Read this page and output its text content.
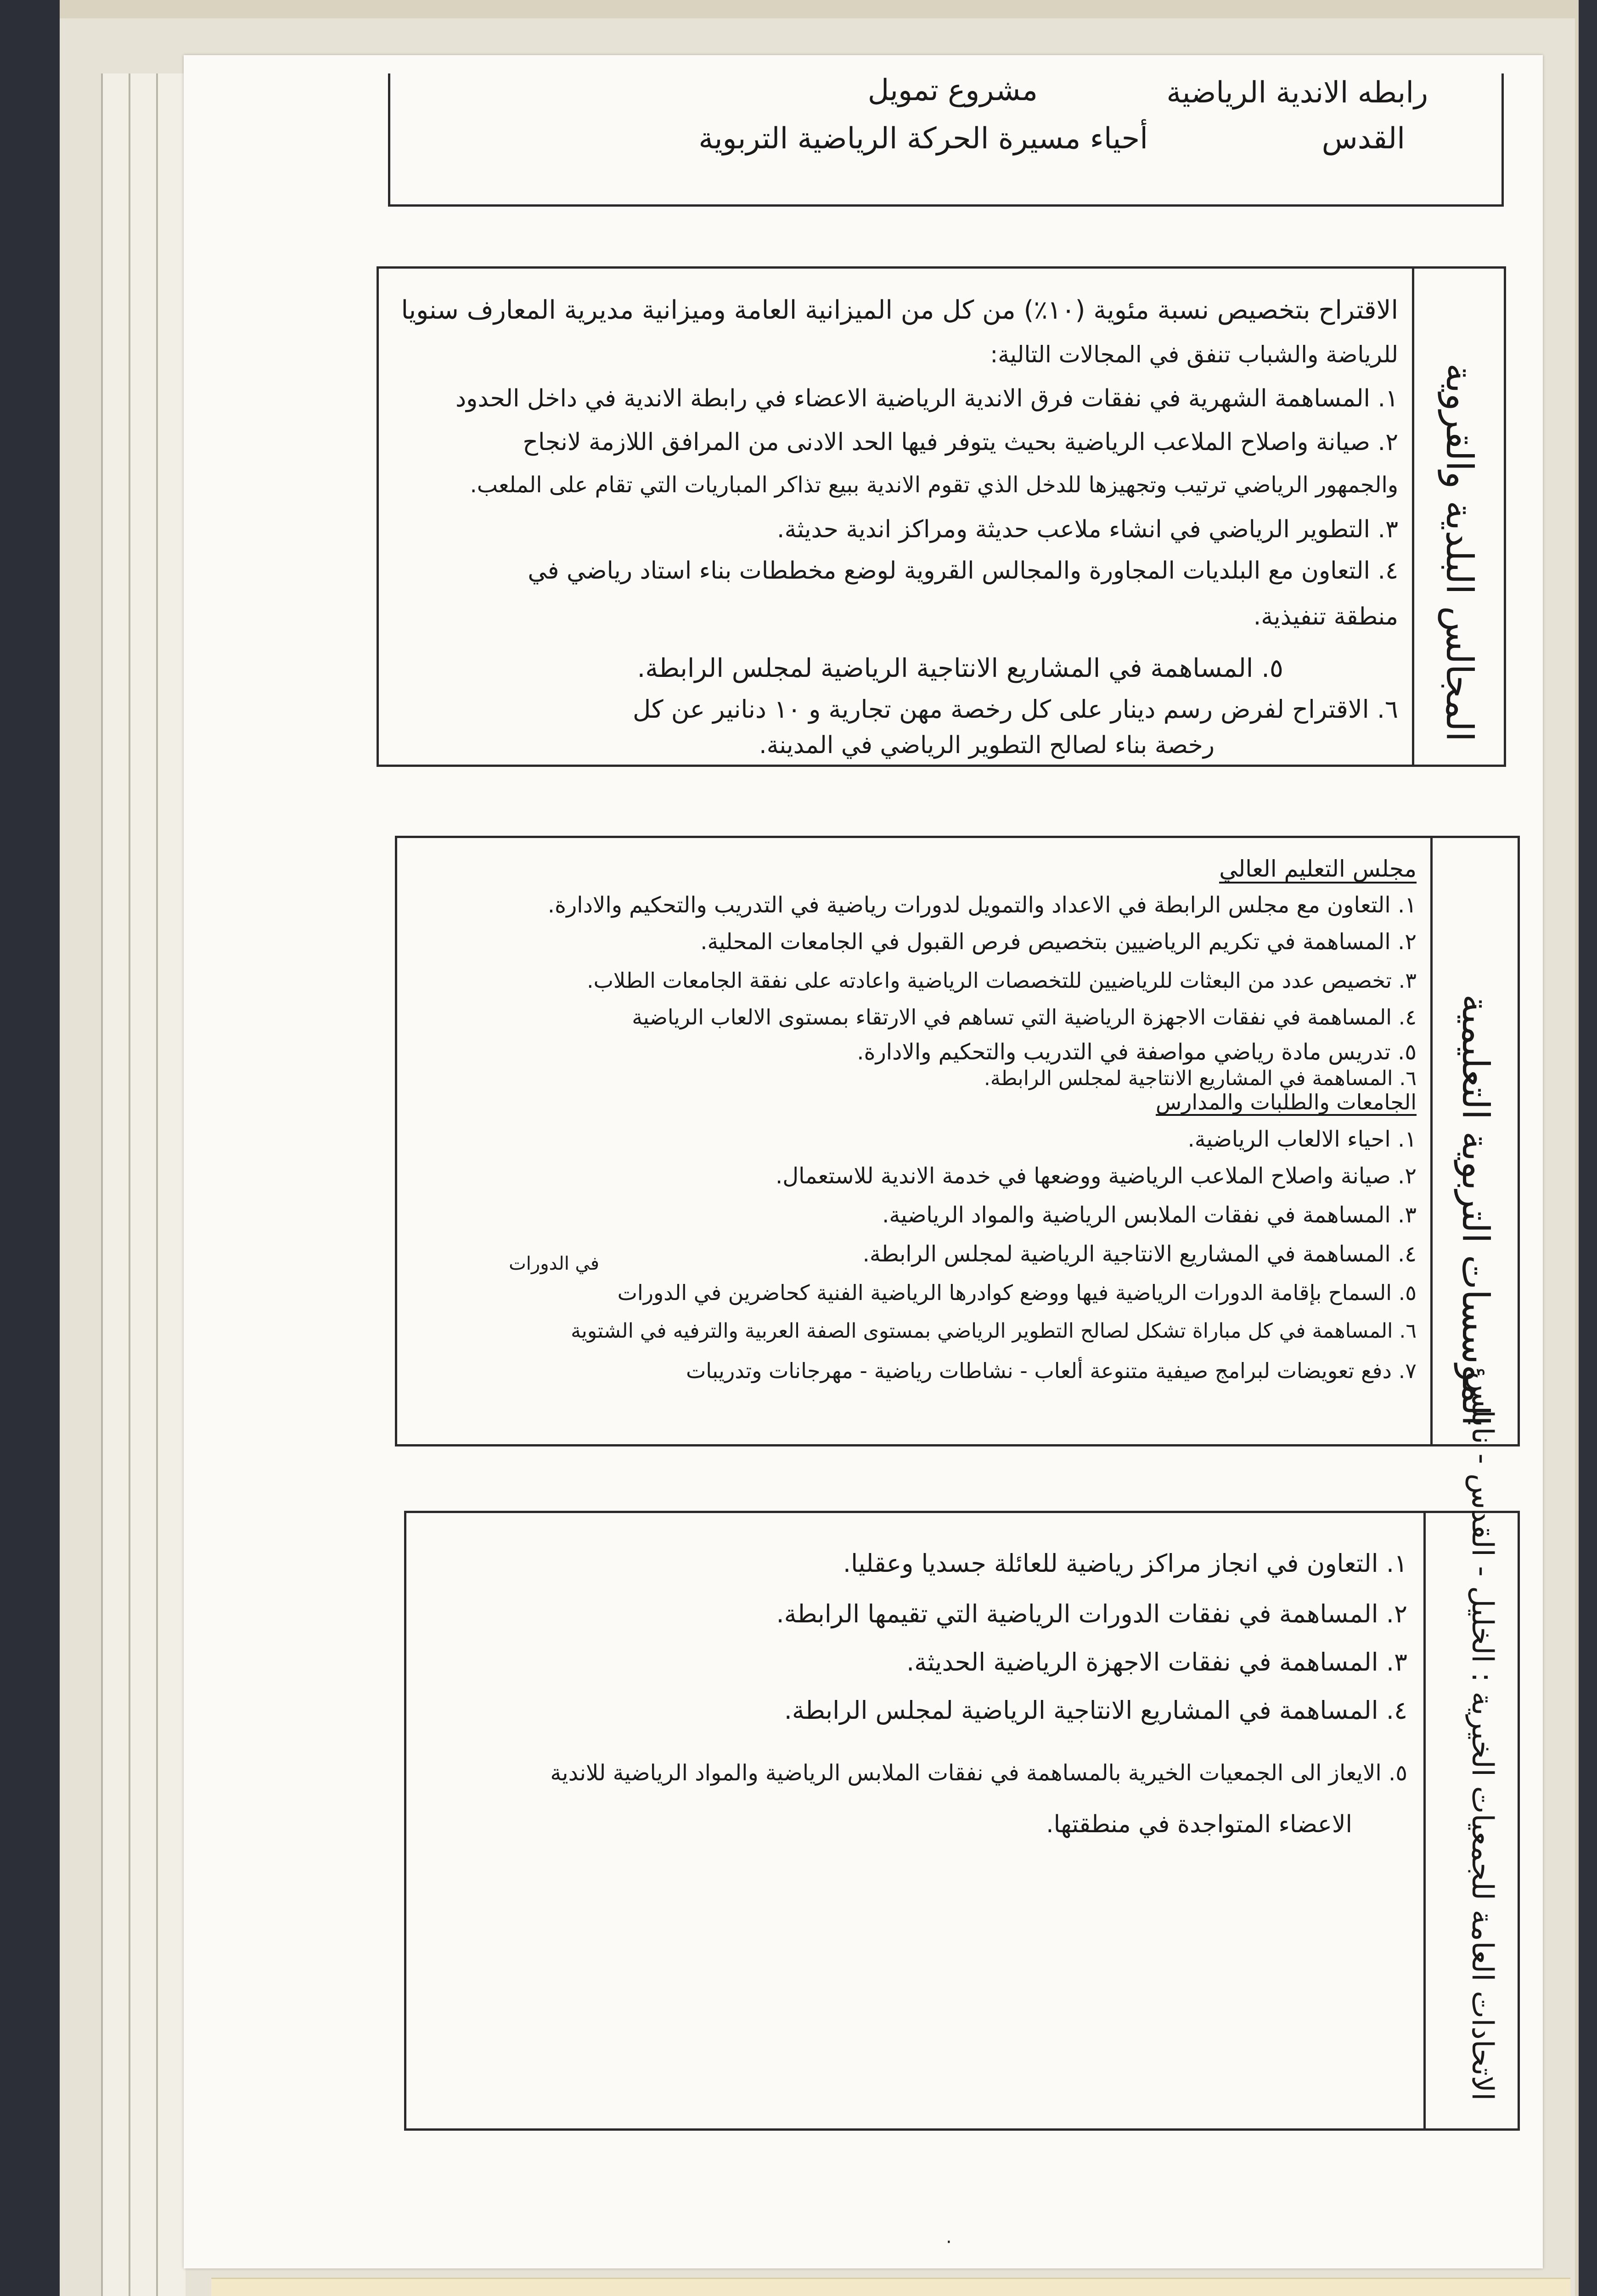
رابطه الاندية الرياضية
القدس
مشروع تمويل
أحياء مسيرة الحركة الرياضية التربوية
المجالس البلدية والقروية
الاقتراح بتخصيص نسبة مئوية (١٠٪) من كل من الميزانية العامة وميزانية مديرية المعارف سنويا
للرياضة والشباب تنفق في المجالات التالية:
١. المساهمة الشهرية في نفقات فرق الاندية الرياضية الاعضاء في رابطة الاندية في داخل الحدود
٢. صيانة واصلاح الملاعب الرياضية بحيث يتوفر فيها الحد الادنى من المرافق اللازمة لانجاح
والجمهور الرياضي ترتيب وتجهيزها للدخل الذي تقوم الاندية ببيع تذاكر المباريات التي تقام على الملعب.
٣. التطوير الرياضي في انشاء ملاعب حديثة ومراكز اندية حديثة.
٤. التعاون مع البلديات المجاورة والمجالس القروية لوضع مخططات بناء استاد رياضي في
منطقة تنفيذية.
٥. المساهمة في المشاريع الانتاجية الرياضية لمجلس الرابطة.
٦. الاقتراح لفرض رسم دينار على كل رخصة مهن تجارية و ١٠ دنانير عن كل
رخصة بناء لصالح التطوير الرياضي في المدينة.
المؤسسات التربوية التعليمية
مجلس التعليم العالي
١. التعاون مع مجلس الرابطة في الاعداد والتمويل لدورات رياضية في التدريب والتحكيم والادارة.
٢. المساهمة في تكريم الرياضيين بتخصيص فرص القبول في الجامعات المحلية.
٣. تخصيص عدد من البعثات للرياضيين للتخصصات الرياضية واعادته على نفقة الجامعات الطلاب.
٤. المساهمة في نفقات الاجهزة الرياضية التي تساهم في الارتقاء بمستوى الالعاب الرياضية
٥. تدريس مادة رياضي مواصفة في التدريب والتحكيم والادارة.
٦. المساهمة في المشاريع الانتاجية لمجلس الرابطة.
الجامعات والطلبات والمدارس
١. احياء الالعاب الرياضية.
٢. صيانة واصلاح الملاعب الرياضية ووضعها في خدمة الاندية للاستعمال.
٣. المساهمة في نفقات الملابس الرياضية والمواد الرياضية.
٤. المساهمة في المشاريع الانتاجية الرياضية لمجلس الرابطة.
في الدورات
٥. السماح بإقامة الدورات الرياضية فيها ووضع كوادرها الرياضية الفنية كحاضرين في الدورات
٦. المساهمة في كل مباراة تشكل لصالح التطوير الرياضي بمستوى الصفة العربية والترفيه في الشتوية
٧. دفع تعويضات لبرامج صيفية متنوعة ألعاب - نشاطات رياضية - مهرجانات وتدريبات
الاتحادات العامة للجمعيات الخيرية : الخليل - القدس - نابلس
١. التعاون في انجاز مراكز رياضية للعائلة جسديا وعقليا.
٢. المساهمة في نفقات الدورات الرياضية التي تقيمها الرابطة.
٣. المساهمة في نفقات الاجهزة الرياضية الحديثة.
٤. المساهمة في المشاريع الانتاجية الرياضية لمجلس الرابطة.
٥. الايعاز الى الجمعيات الخيرية بالمساهمة في نفقات الملابس الرياضية والمواد الرياضية للاندية
الاعضاء المتواجدة في منطقتها.
·
